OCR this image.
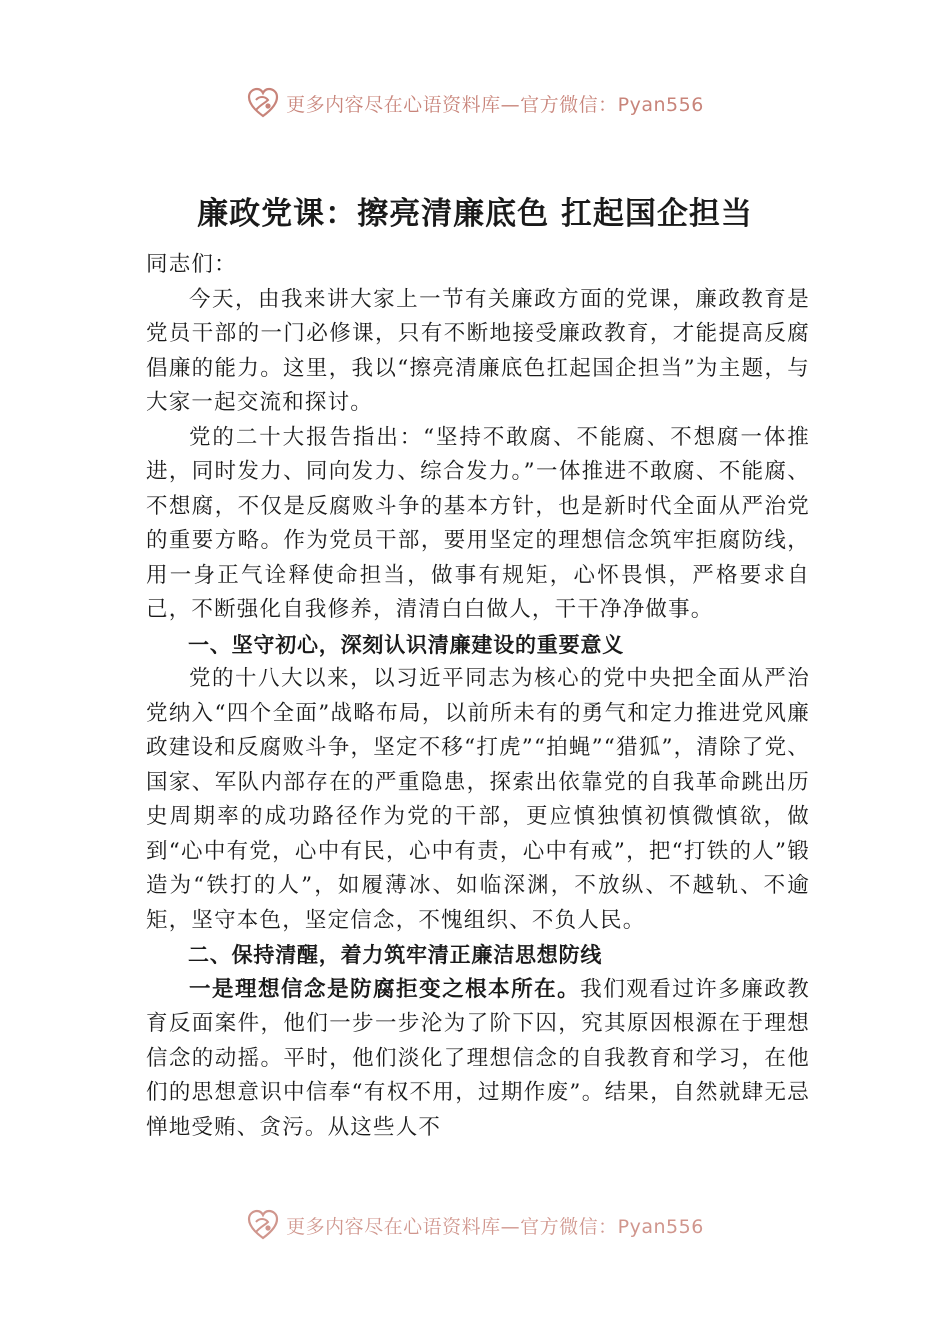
更多内容尽在心语资料库—官方微信：Pyan556
廉政党课：擦亮清廉底色 扛起国企担当

同志们：

今天，由我来讲大家上一节有关廉政方面的党课，廉政教育是党员干部的一门必修课，只有不断地接受廉政教育，才能提高反腐倡廉的能力。这里，我以“擦亮清廉底色扛起国企担当”为主题，与大家一起交流和探讨。

党的二十大报告指出：“坚持不敢腐、不能腐、不想腐一体推进，同时发力、同向发力、综合发力。”一体推进不敢腐、不能腐、不想腐，不仅是反腐败斗争的基本方针，也是新时代全面从严治党的重要方略。作为党员干部，要用坚定的理想信念筑牢拒腐防线，用一身正气诠释使命担当，做事有规矩，心怀畏惧，严格要求自己，不断强化自我修养，清清白白做人，干干净净做事。

一、坚守初心，深刻认识清廉建设的重要意义

党的十八大以来，以习近平同志为核心的党中央把全面从严治党纳入“四个全面”战略布局，以前所未有的勇气和定力推进党风廉政建设和反腐败斗争，坚定不移“打虎”“拍蝇”“猎狐”，清除了党、国家、军队内部存在的严重隐患，探索出依靠党的自我革命跳出历史周期率的成功路径作为党的干部，更应慎独慎初慎微慎欲，做到“心中有党，心中有民，心中有责，心中有戒”，把“打铁的人”锻造为“铁打的人”，如履薄冰、如临深渊，不放纵、不越轨、不逾矩，坚守本色，坚定信念，不愧组织、不负人民。

二、保持清醒，着力筑牢清正廉洁思想防线

一是理想信念是防腐拒变之根本所在。我们观看过许多廉政教育反面案件，他们一步一步沦为了阶下囚，究其原因根源在于理想信念的动摇。平时，他们淡化了理想信念的自我教育和学习，在他们的思想意识中信奉“有权不用，过期作废”。结果，自然就肆无忌惮地受贿、贪污。从这些人不

更多内容尽在心语资料库—官方微信：Pyan556
